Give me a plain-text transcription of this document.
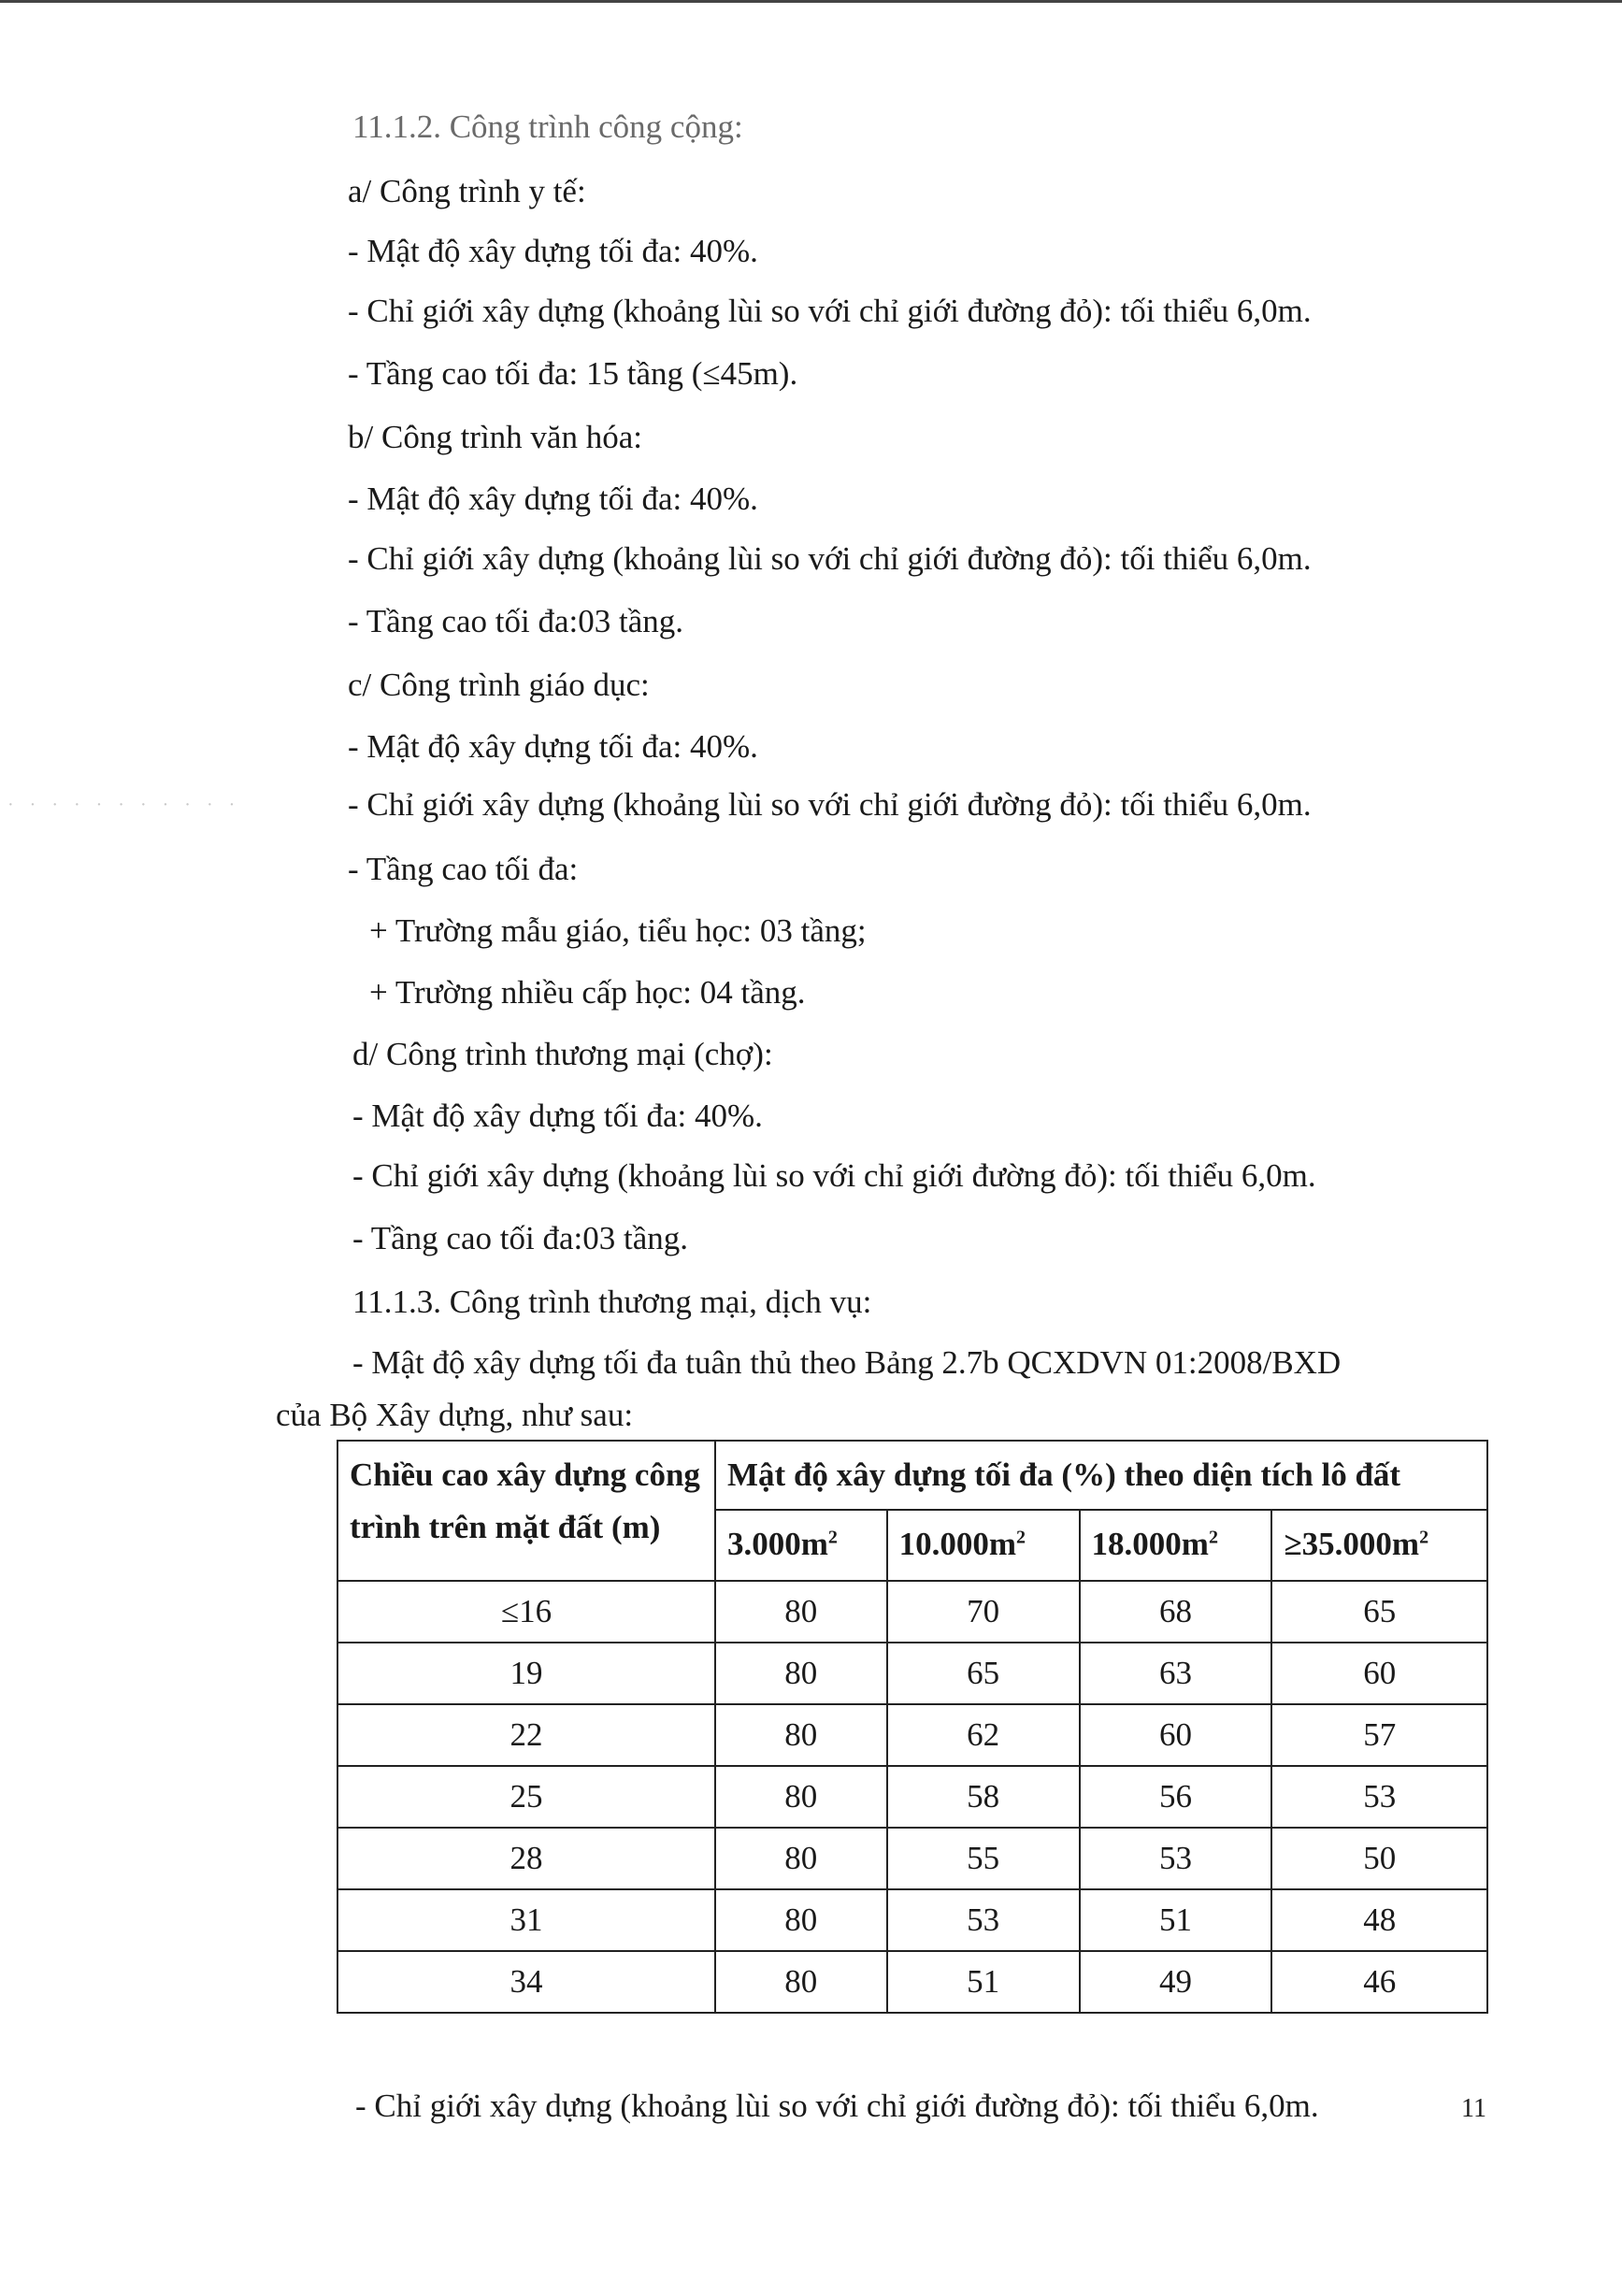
· · · · · · · · · · ·
11.1.2. Công trình công cộng:
a/ Công trình y tế:
- Mật độ xây dựng tối đa: 40%.
- Chỉ giới xây dựng (khoảng lùi so với chỉ giới đường đỏ): tối thiểu 6,0m.
- Tầng cao tối đa: 15 tầng (≤45m).
b/ Công trình văn hóa:
- Mật độ xây dựng tối đa: 40%.
- Chỉ giới xây dựng (khoảng lùi so với chỉ giới đường đỏ): tối thiểu 6,0m.
- Tầng cao tối đa:03 tầng.
c/ Công trình giáo dục:
- Mật độ xây dựng tối đa: 40%.
- Chỉ giới xây dựng (khoảng lùi so với chỉ giới đường đỏ): tối thiểu 6,0m.
- Tầng cao tối đa:
+ Trường mẫu giáo, tiểu học: 03 tầng;
+ Trường nhiều cấp học: 04 tầng.
d/ Công trình thương mại (chợ):
- Mật độ xây dựng tối đa: 40%.
- Chỉ giới xây dựng (khoảng lùi so với chỉ giới đường đỏ): tối thiểu 6,0m.
- Tầng cao tối đa:03 tầng.
11.1.3. Công trình thương mại, dịch vụ:
- Mật độ xây dựng tối đa tuân thủ theo Bảng 2.7b QCXDVN 01:2008/BXD
của Bộ Xây dựng, như sau:
Chiều cao xây dựng công trình trên mặt đất (m)	Mật độ xây dựng tối đa (%) theo diện tích lô đất			
	$3.000m^2$	$10.000m^2$	$18.000m^2$	$\ge 35.000m^2$
≤16	80	70	68	65
19	80	65	63	60
22	80	62	60	57
25	80	58	56	53
28	80	55	53	50
31	80	53	51	48
34	80	51	49	46
- Chỉ giới xây dựng (khoảng lùi so với chỉ giới đường đỏ): tối thiểu 6,0m.	11
